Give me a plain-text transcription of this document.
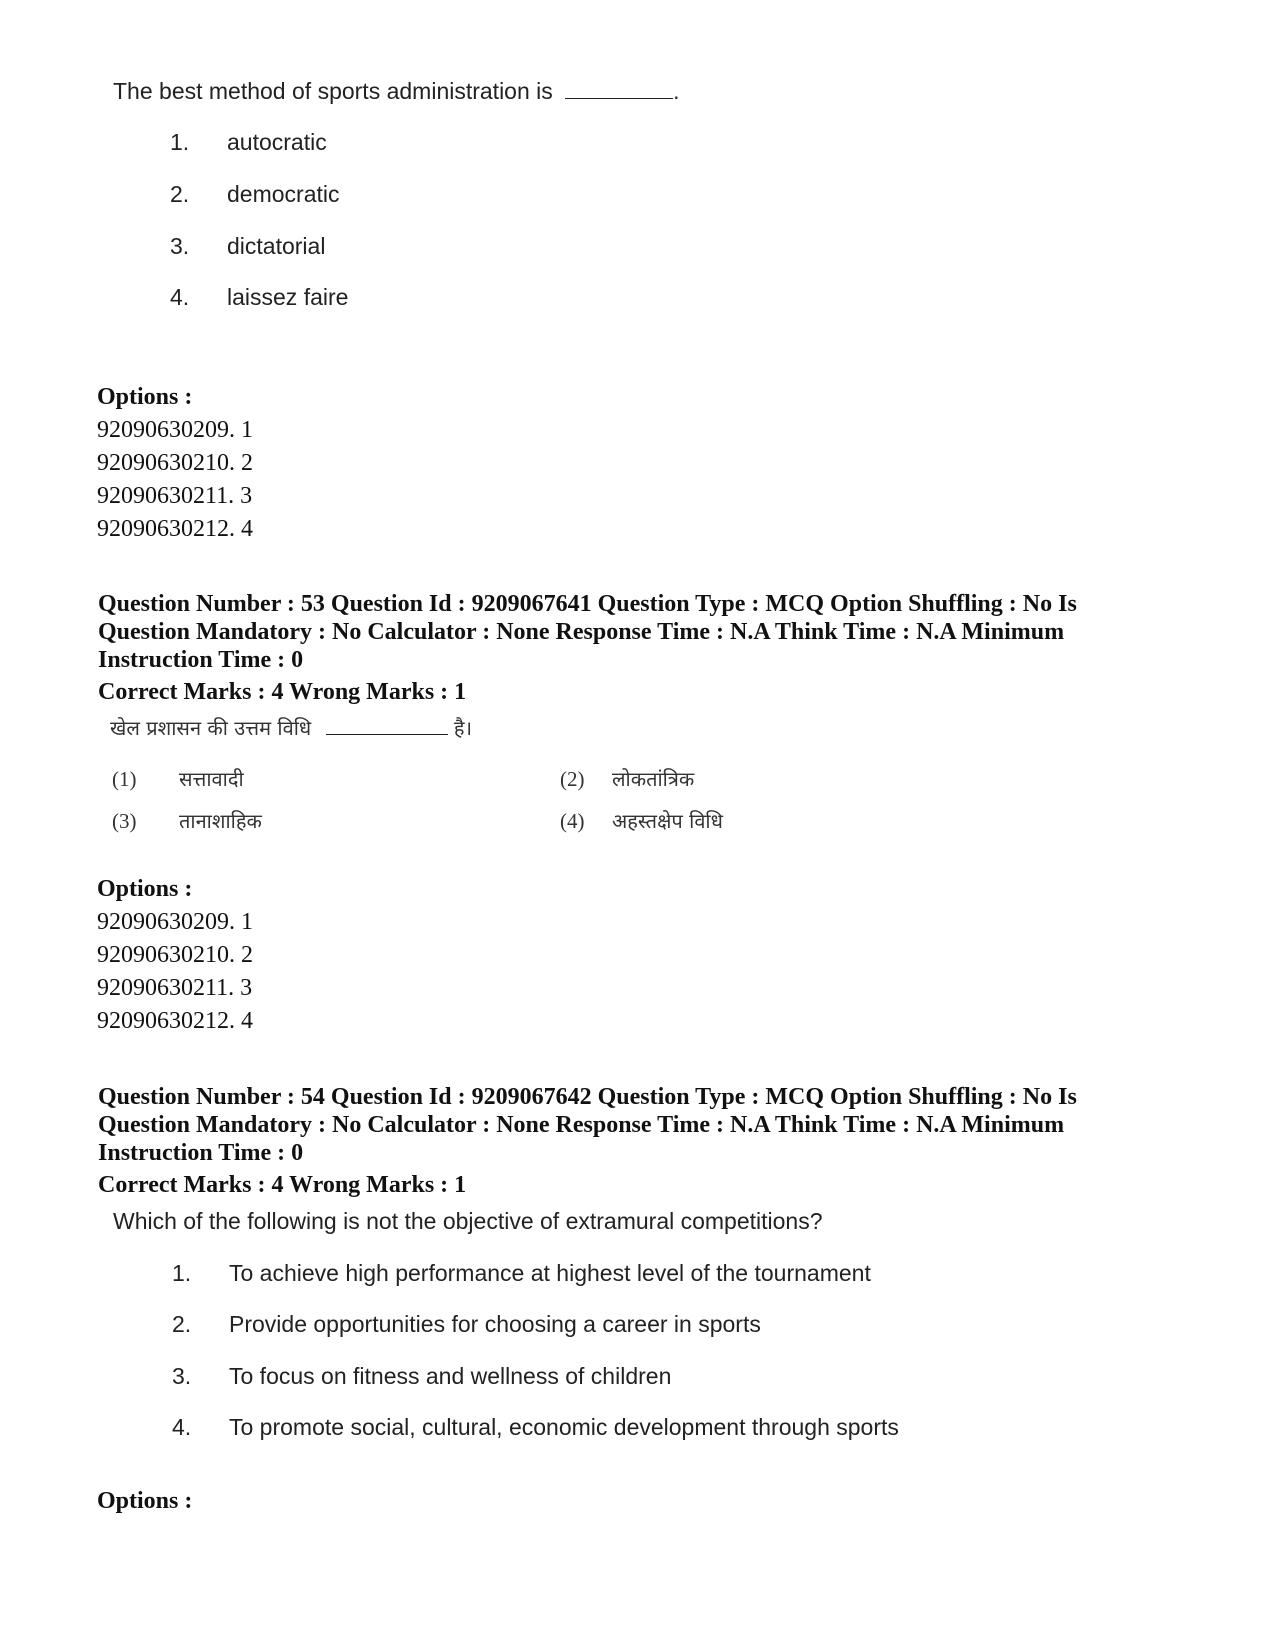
The best method of sports administration is	.
1. autocratic
2. democratic
3. dictatorial
4. laissez faire
Options :
92090630209. 1
92090630210. 2
92090630211. 3
92090630212. 4
Question Number : 53 Question Id : 9209067641 Question Type : MCQ Option Shuffling : No Is
Question Mandatory : No Calculator : None Response Time : N.A Think Time : N.A Minimum
Instruction Time : 0
Correct Marks : 4 Wrong Marks : 1
खेल प्रशासन की उत्तम विधि	है।
(1) सत्तावादी	(2) लोकतांत्रिक
(3) तानाशाहिक	(4) अहस्तक्षेप विधि
Options :
92090630209. 1
92090630210. 2
92090630211. 3
92090630212. 4
Question Number : 54 Question Id : 9209067642 Question Type : MCQ Option Shuffling : No Is
Question Mandatory : No Calculator : None Response Time : N.A Think Time : N.A Minimum
Instruction Time : 0
Correct Marks : 4 Wrong Marks : 1
Which of the following is not the objective of extramural competitions?
1. To achieve high performance at highest level of the tournament
2. Provide opportunities for choosing a career in sports
3. To focus on fitness and wellness of children
4. To promote social, cultural, economic development through sports
Options :
